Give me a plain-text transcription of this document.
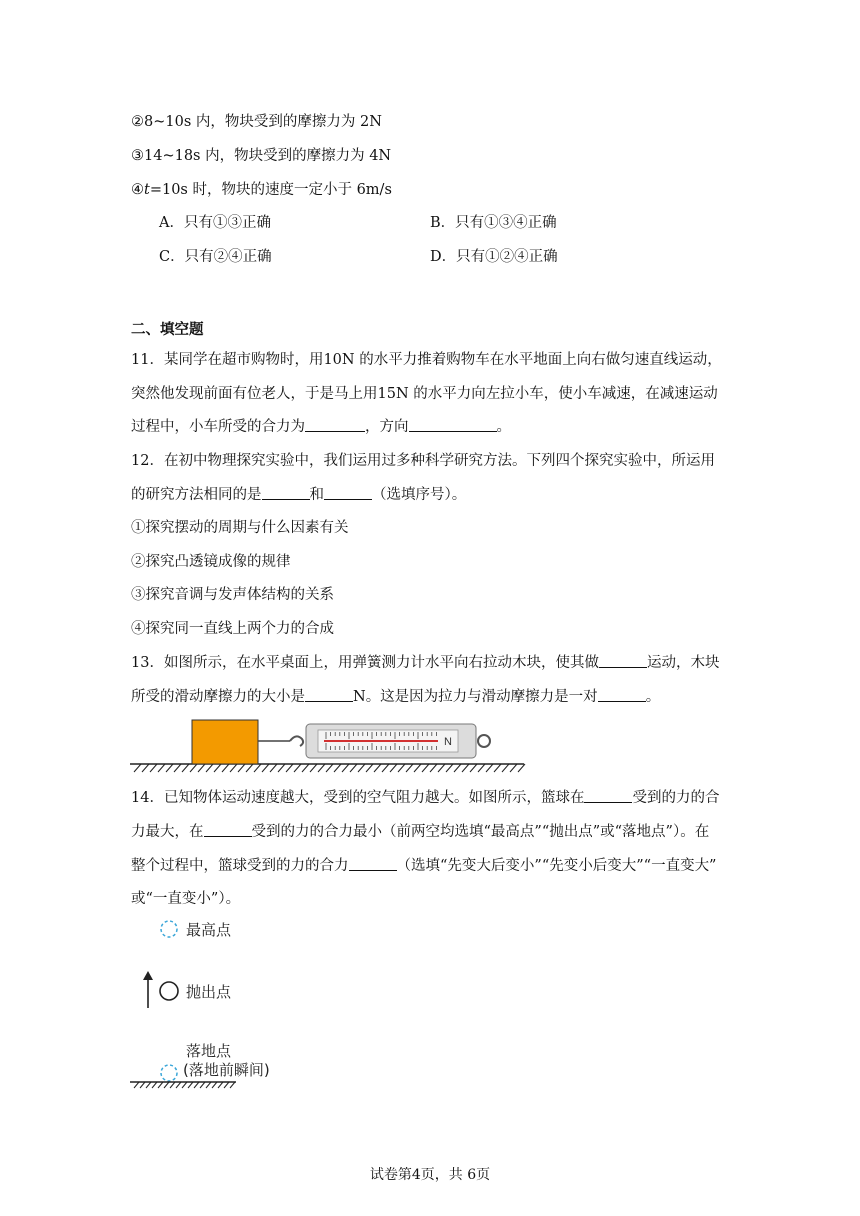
②8~10s 内，物块受到的摩擦力为 2N
③14~18s 内，物块受到的摩擦力为 4N
④t=10s 时，物块的速度一定小于 6m/s
A．只有①③正确	B．只有①③④正确
C．只有②④正确	D．只有①②④正确
二、填空题
11．某同学在超市购物时，用10N 的水平力推着购物车在水平地面上向右做匀速直线运动，
突然他发现前面有位老人，于是马上用15N 的水平力向左拉小车，使小车减速，在减速运动
过程中，小车所受的合力为	，方向	。
12．在初中物理探究实验中，我们运用过多种科学研究方法。下列四个探究实验中，所运用
的研究方法相同的是	和	（选填序号）。
①探究摆动的周期与什么因素有关
②探究凸透镜成像的规律
③探究音调与发声体结构的关系
④探究同一直线上两个力的合成
13．如图所示，在水平桌面上，用弹簧测力计水平向右拉动木块，使其做	运动，木块
所受的滑动摩擦力的大小是	N。这是因为拉力与滑动摩擦力是一对	。
N
14．已知物体运动速度越大，受到的空气阻力越大。如图所示，篮球在	受到的力的合
力最大，在	受到的力的合力最小（前两空均选填“最高点”“抛出点”或“落地点”）。在
整个过程中，篮球受到的力的合力	（选填“先变大后变小”“先变小后变大”“一直变大”
或“一直变小”）。
最高点
抛出点
落地点
(落地前瞬间)
试卷第4页，共 6页
